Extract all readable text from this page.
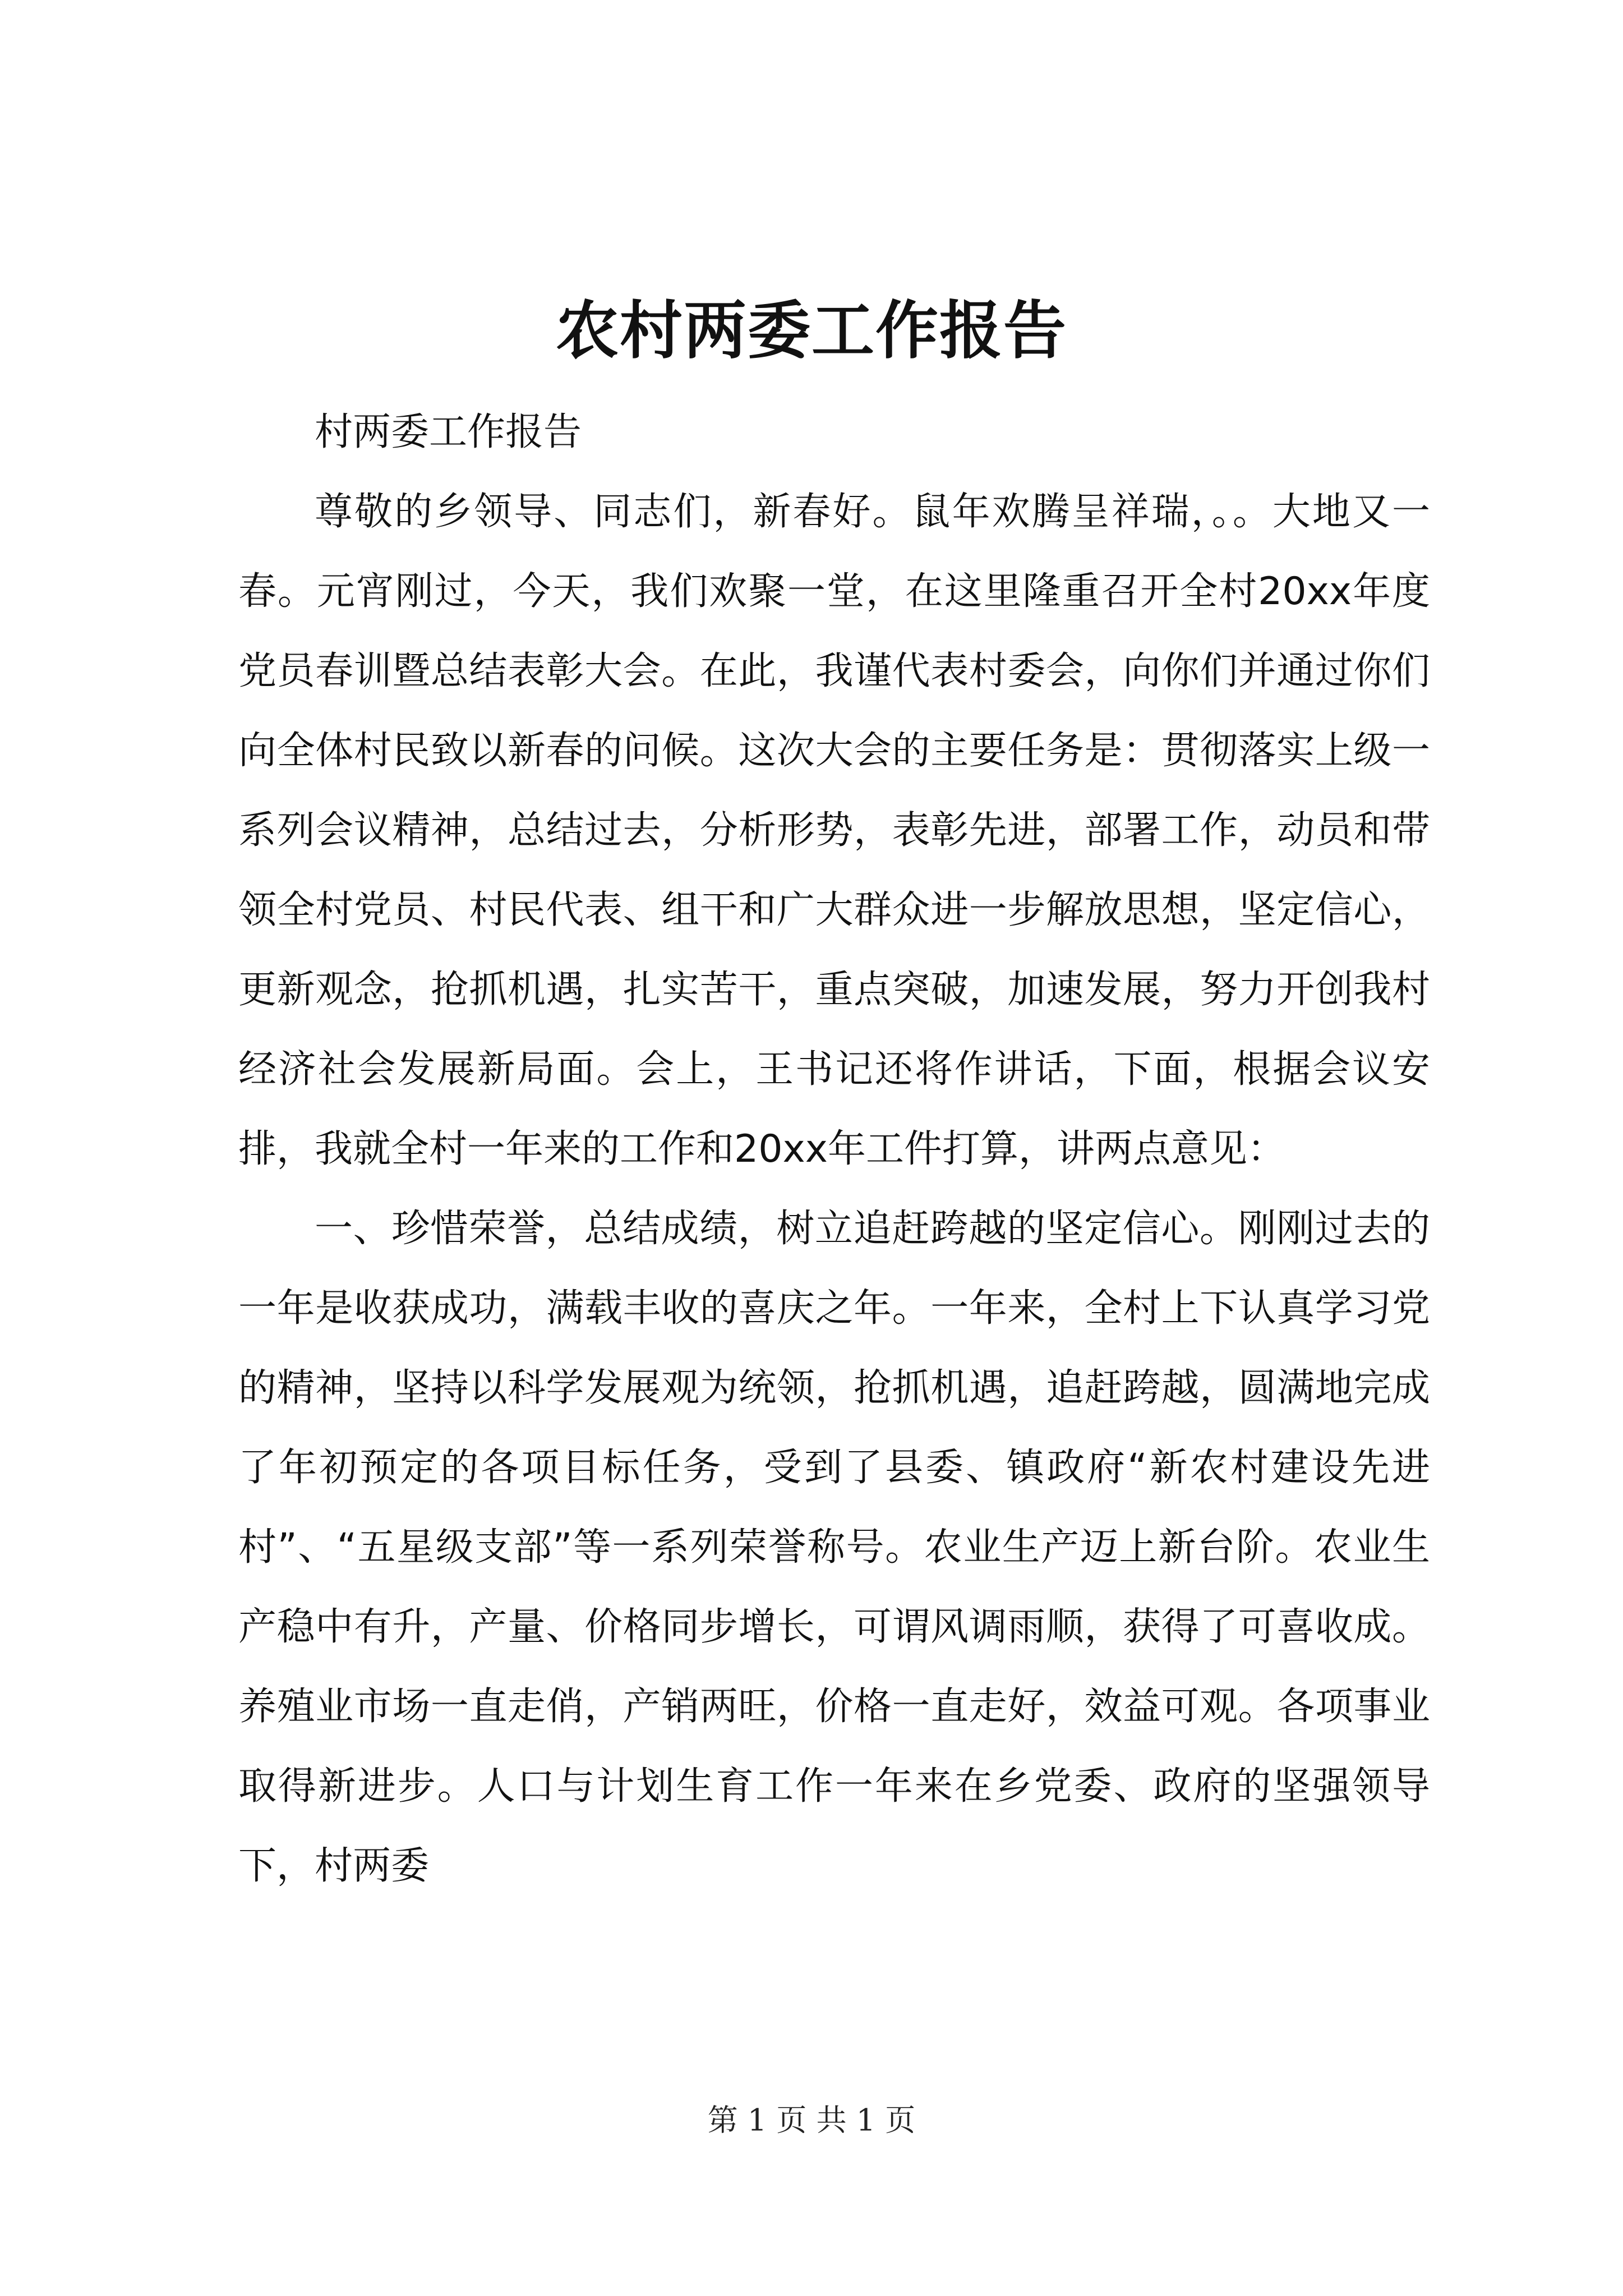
农村两委工作报告

村两委工作报告

尊敬的乡领导、同志们，新春好。鼠年欢腾呈祥瑞，。。大地又一春。元宵刚过，今天，我们欢聚一堂，在这里隆重召开全村20xx年度党员春训暨总结表彰大会。在此，我谨代表村委会，向你们并通过你们向全体村民致以新春的问候。这次大会的主要任务是：贯彻落实上级一系列会议精神，总结过去，分析形势，表彰先进，部署工作，动员和带领全村党员、村民代表、组干和广大群众进一步解放思想，坚定信心，更新观念，抢抓机遇，扎实苦干，重点突破，加速发展，努力开创我村经济社会发展新局面。会上，王书记还将作讲话，下面，根据会议安排，我就全村一年来的工作和20xx年工件打算，讲两点意见：

一、珍惜荣誉，总结成绩，树立追赶跨越的坚定信心。刚刚过去的一年是收获成功，满载丰收的喜庆之年。一年来，全村上下认真学习党的精神，坚持以科学发展观为统领，抢抓机遇，追赶跨越，圆满地完成了年初预定的各项目标任务，受到了县委、镇政府“新农村建设先进村”、“五星级支部”等一系列荣誉称号。农业生产迈上新台阶。农业生产稳中有升，产量、价格同步增长，可谓风调雨顺，获得了可喜收成。养殖业市场一直走俏，产销两旺，价格一直走好，效益可观。各项事业取得新进步。人口与计划生育工作一年来在乡党委、政府的坚强领导下，村两委

第 1 页 共 1 页
